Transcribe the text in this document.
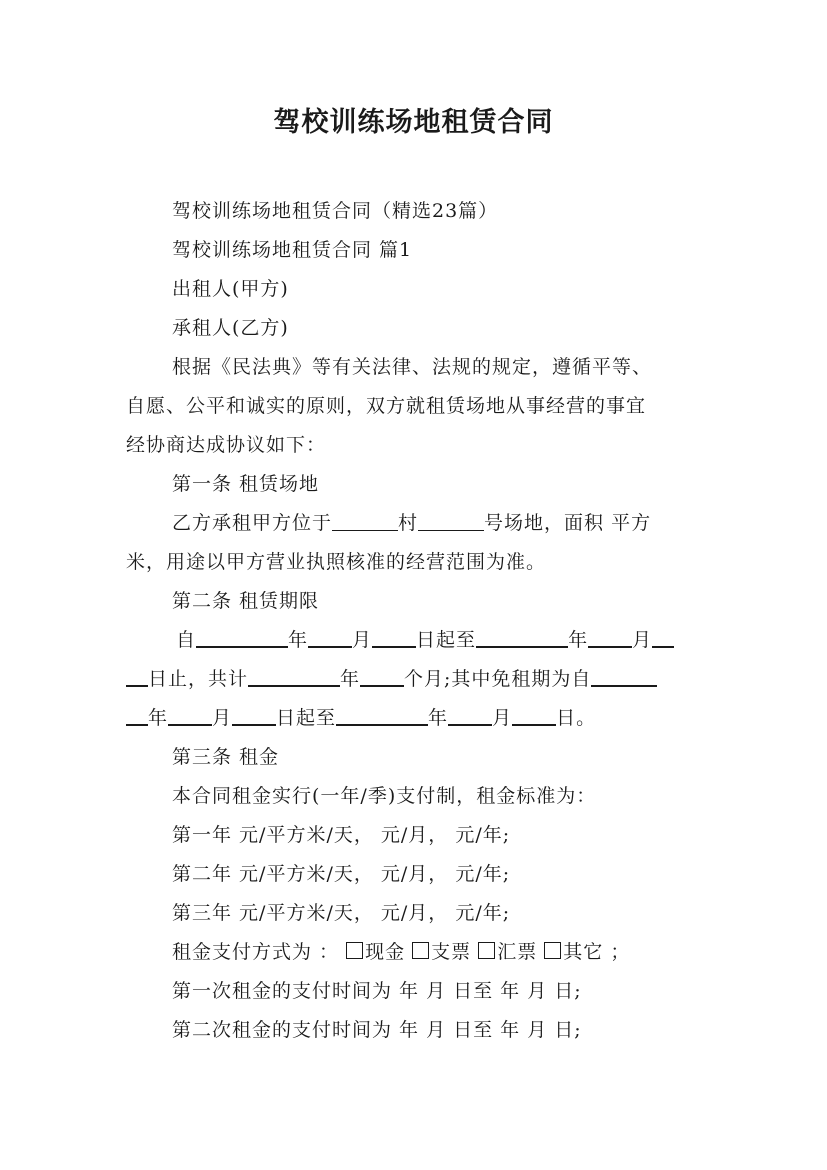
驾校训练场地租赁合同
驾校训练场地租赁合同（精选23篇）
驾校训练场地租赁合同 篇1
出租人(甲方)
承租人(乙方)
根据《民法典》等有关法律、法规的规定，遵循平等、
自愿、公平和诚实的原则，双方就租赁场地从事经营的事宜
经协商达成协议如下：
第一条 租赁场地
乙方承租甲方位于	村	号场地，面积 平方
米，用途以甲方营业执照核准的经营范围为准。
第二条 租赁期限
自	年 月 日起至	年 月
日止，共计	年 个月;其中免租期为自
年 月 日起至	年 月 日。
第三条 租金
本合同租金实行(一年/季)支付制，租金标准为：
第一年 元/平方米/天， 元/月， 元/年;
第二年 元/平方米/天， 元/月， 元/年;
第三年 元/平方米/天， 元/月， 元/年;
租金支付方式为 ： 现金 支票 汇票 其它 ；
第一次租金的支付时间为 年 月 日至 年 月 日;
第二次租金的支付时间为 年 月 日至 年 月 日;
